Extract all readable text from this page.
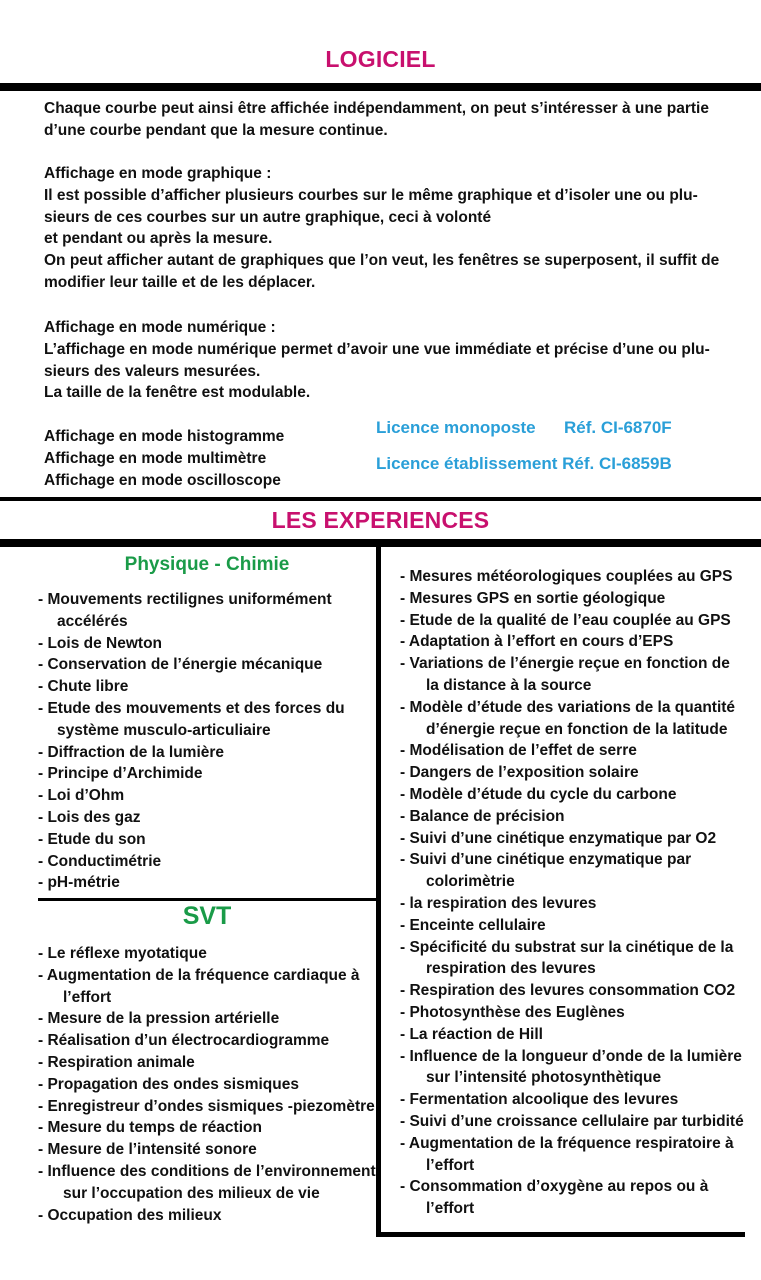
LOGICIEL
Chaque courbe peut ainsi être affichée indépendamment, on peut s’intéresser à une partie
d’une courbe pendant que la mesure continue.
Affichage en mode graphique :
Il est possible d’afficher plusieurs courbes sur le même graphique et d’isoler une ou plu-
sieurs de ces courbes sur un autre graphique, ceci à volonté
et pendant ou après la mesure.
On peut afficher autant de graphiques que l’on veut, les fenêtres se superposent, il suffit de
modifier leur taille et de les déplacer.
Affichage en mode numérique :
L’affichage en mode numérique permet d’avoir une vue immédiate et précise d’une ou plu-
sieurs des valeurs mesurées.
La taille de la fenêtre est modulable.
Affichage en mode histogramme
Affichage en mode multimètre
Affichage en mode oscilloscope
Licence monoposte      Réf. CI-6870F
Licence établissement Réf. CI-6859B
LES EXPERIENCES
Physique - Chimie
- Mouvements rectilignes uniformément
accélérés
- Lois de Newton
- Conservation de l’énergie mécanique
- Chute libre
- Etude des mouvements et des forces du
système musculo-articuliaire
- Diffraction de la lumière
- Principe d’Archimide
- Loi d’Ohm
- Lois des gaz
- Etude du son
- Conductimétrie
- pH-métrie
SVT
- Le réflexe myotatique
- Augmentation de la fréquence cardiaque à
l’effort
- Mesure de la pression artérielle
- Réalisation d’un électrocardiogramme
- Respiration animale
- Propagation des ondes sismiques
- Enregistreur d’ondes sismiques -piezomètre
- Mesure du temps de réaction
- Mesure de l’intensité sonore
- Influence des conditions de l’environnement
sur l’occupation des milieux de vie
- Occupation des milieux
- Mesures météorologiques couplées au GPS
- Mesures GPS en sortie géologique
- Etude de la qualité de l’eau couplée au GPS
- Adaptation à l’effort en cours d’EPS
- Variations de l’énergie reçue en fonction de
la distance à la source
- Modèle d’étude des variations de la quantité
d’énergie reçue en fonction de la latitude
- Modélisation de l’effet de serre
- Dangers de l’exposition solaire
- Modèle d’étude du cycle du carbone
- Balance de précision
- Suivi d’une cinétique enzymatique par O2
- Suivi d’une cinétique enzymatique par
colorimètrie
- la respiration des levures
- Enceinte cellulaire
- Spécificité du substrat sur la cinétique de la
respiration des levures
- Respiration des levures consommation CO2
- Photosynthèse des Euglènes
- La réaction de Hill
- Influence de la longueur d’onde de la lumière
sur l’intensité photosynthètique
- Fermentation alcoolique des levures
- Suivi d’une croissance cellulaire par turbidité
- Augmentation de la fréquence respiratoire à
l’effort
- Consommation d’oxygène au repos ou à
l’effort
